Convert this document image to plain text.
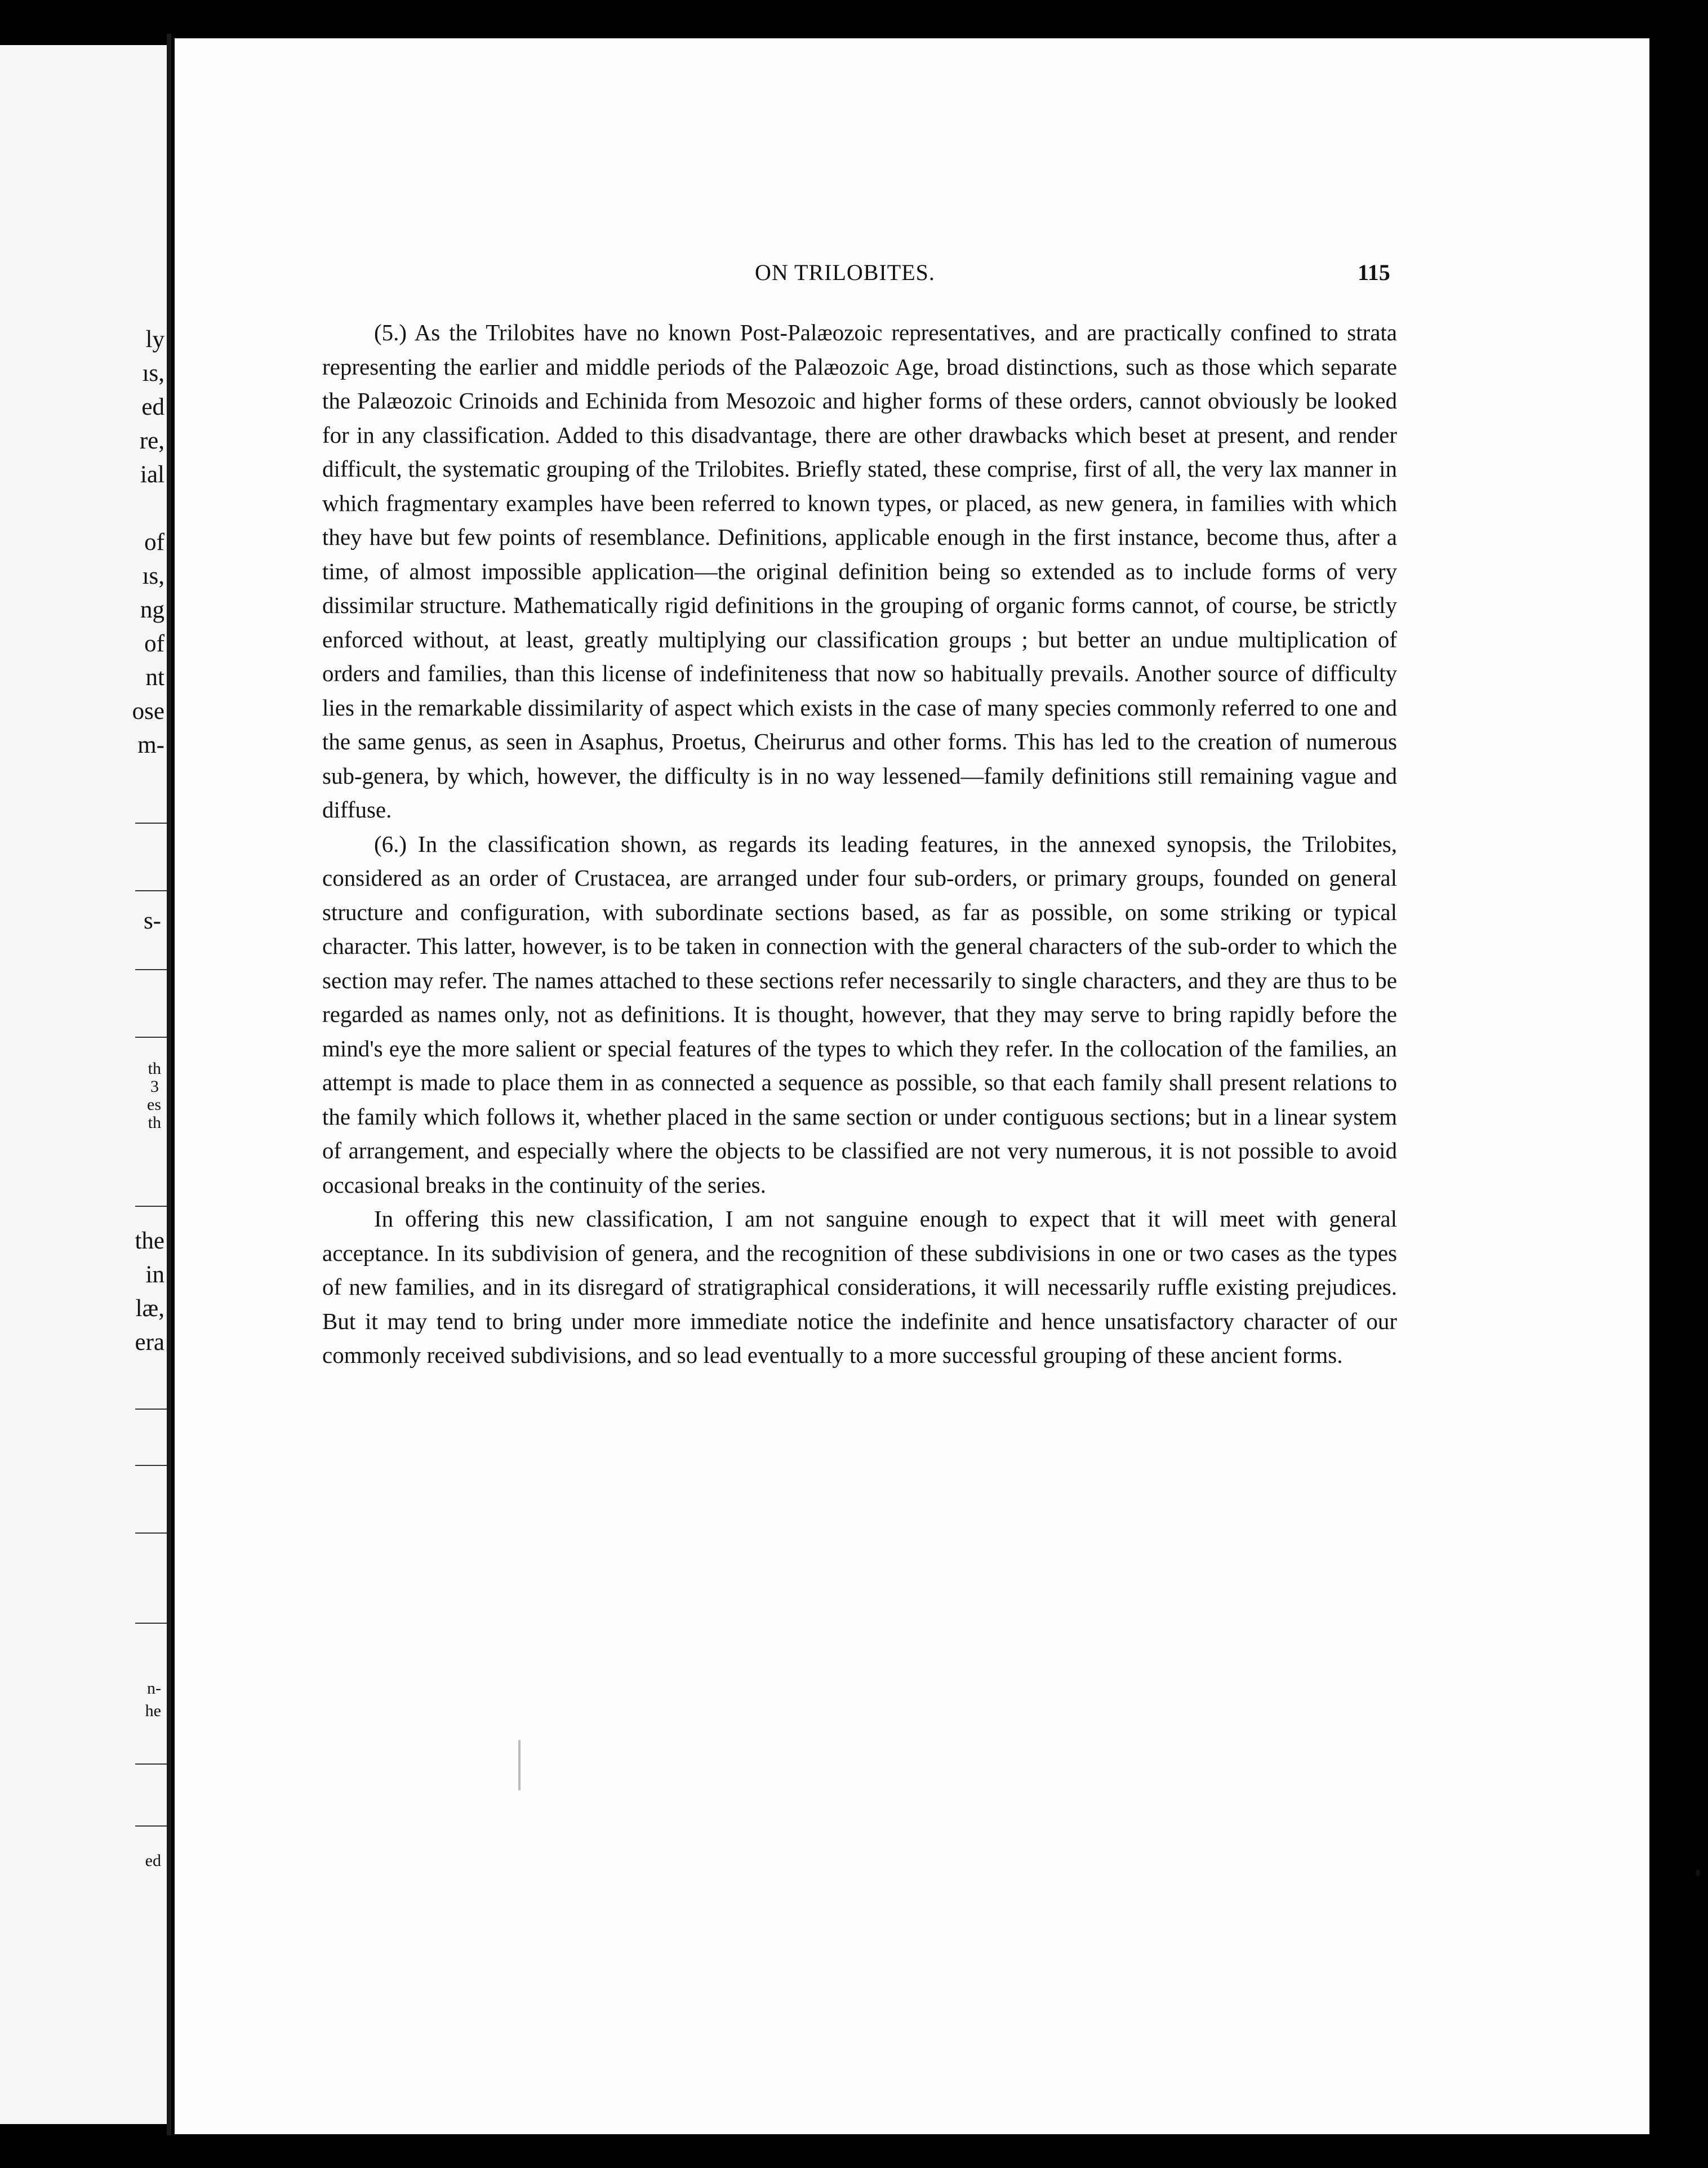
ly
ıs,
ed
re,
ial
of
ıs,
ng
of
nt
ose
m-
s-
th
3
es
th
the
in
læ,
era
n-
he
ed
ON TRILOBITES.	115

(5.) As the Trilobites have no known Post-Palæozoic representatives, and are practically confined to strata representing the earlier and middle periods of the Palæozoic Age, broad distinctions, such as those which separate the Palæozoic Crinoids and Echinida from Mesozoic and higher forms of these orders, cannot obviously be looked for in any classification. Added to this disadvantage, there are other drawbacks which beset at present, and render difficult, the systematic grouping of the Trilobites. Briefly stated, these comprise, first of all, the very lax manner in which fragmentary examples have been referred to known types, or placed, as new genera, in families with which they have but few points of resemblance. Definitions, applicable enough in the first instance, become thus, after a time, of almost impossible application—the original definition being so extended as to include forms of very dissimilar structure. Mathematically rigid definitions in the grouping of organic forms cannot, of course, be strictly enforced without, at least, greatly multiplying our classification groups ; but better an undue multiplication of orders and families, than this license of indefiniteness that now so habitually prevails. Another source of difficulty lies in the remarkable dissimilarity of aspect which exists in the case of many species commonly referred to one and the same genus, as seen in Asaphus, Proetus, Cheirurus and other forms. This has led to the creation of numerous sub-genera, by which, however, the difficulty is in no way lessened—family definitions still remaining vague and diffuse.

(6.) In the classification shown, as regards its leading features, in the annexed synopsis, the Trilobites, considered as an order of Crustacea, are arranged under four sub-orders, or primary groups, founded on general structure and configuration, with subordinate sections based, as far as possible, on some striking or typical character. This latter, however, is to be taken in connection with the general characters of the sub-order to which the section may refer. The names attached to these sections refer necessarily to single characters, and they are thus to be regarded as names only, not as definitions. It is thought, however, that they may serve to bring rapidly before the mind's eye the more salient or special features of the types to which they refer. In the collocation of the families, an attempt is made to place them in as connected a sequence as possible, so that each family shall present relations to the family which follows it, whether placed in the same section or under contiguous sections; but in a linear system of arrangement, and especially where the objects to be classified are not very numerous, it is not possible to avoid occasional breaks in the continuity of the series.

In offering this new classification, I am not sanguine enough to expect that it will meet with general acceptance. In its subdivision of genera, and the recognition of these subdivisions in one or two cases as the types of new families, and in its disregard of stratigraphical considerations, it will necessarily ruffle existing prejudices. But it may tend to bring under more immediate notice the indefinite and hence unsatisfactory character of our commonly received subdivisions, and so lead eventually to a more successful grouping of these ancient forms.
